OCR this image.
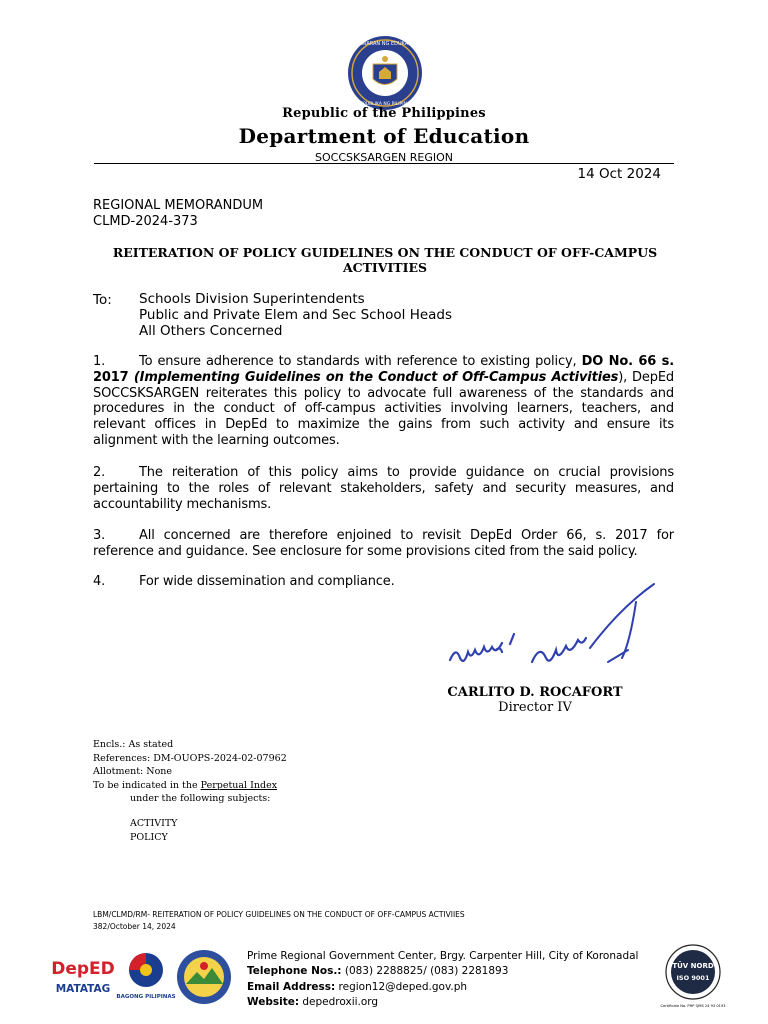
KAGAWARAN NG EDUKASYON
REPUBLIKA NG PILIPINAS
Republic of the Philippines
Department of Education
SOCCSKSARGEN REGION
14 Oct 2024
REGIONAL MEMORANDUM
CLMD-2024-373
REITERATION OF POLICY GUIDELINES ON THE CONDUCT OF OFF-CAMPUS ACTIVITIES
To: Schools Division Superintendents
Public and Private Elem and Sec School Heads
All Others Concerned
1.	To ensure adherence to standards with reference to existing policy, DO No. 66 s. 2017 (Implementing Guidelines on the Conduct of Off-Campus Activities), DepEd SOCCSKSARGEN reiterates this policy to advocate full awareness of the standards and procedures in the conduct of off-campus activities involving learners, teachers, and relevant offices in DepEd to maximize the gains from such activity and ensure its alignment with the learning outcomes.
2.	The reiteration of this policy aims to provide guidance on crucial provisions pertaining to the roles of relevant stakeholders, safety and security measures, and accountability mechanisms.
3.	All concerned are therefore enjoined to revisit DepEd Order 66, s. 2017 for reference and guidance. See enclosure for some provisions cited from the said policy.
4.	For wide dissemination and compliance.
CARLITO D. ROCAFORT
Director IV
Encls.: As stated
References: DM-OUOPS-2024-02-07962
Allotment: None
To be indicated in the Perpetual Index
under the following subjects:
ACTIVITY
POLICY
LBM/CLMD/RM- REITERATION OF POLICY GUIDELINES ON THE CONDUCT OF OFF-CAMPUS ACTIVIIES
382/October 14, 2024
DepED
MATATAG
BAGONG PILIPINAS
Prime Regional Government Center, Brgy. Carpenter Hill, City of Koronadal
Telephone Nos.: (083) 2288825/ (083) 2281893
Email Address: region12@deped.gov.ph
Website: depedroxii.org
TÜV NORD
ISO 9001
Certificate No. PHP QMS 24 93 0193
